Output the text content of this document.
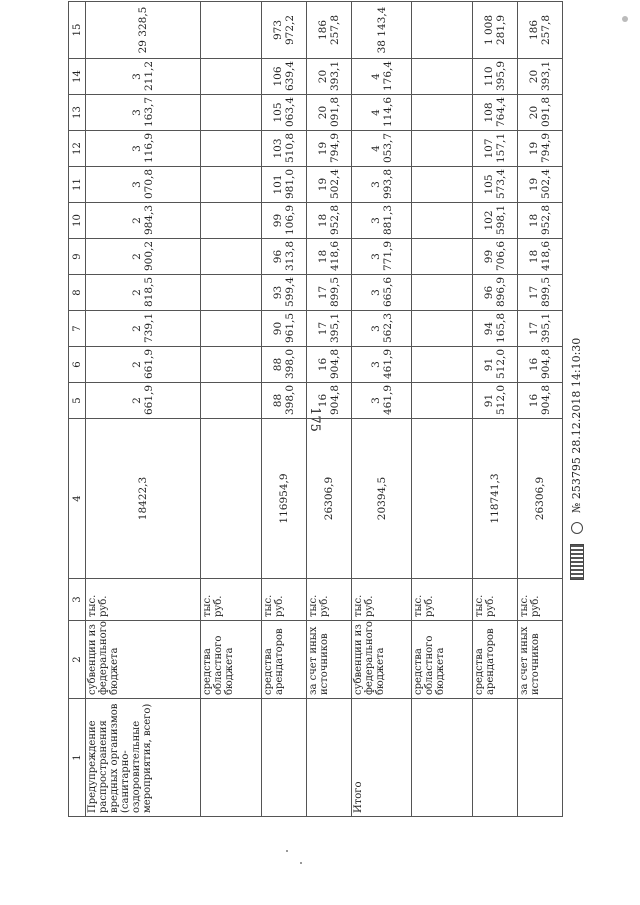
175
1	2	3	4	5	6	7	8	9	10	11	12	13	14	15
Предупреждение распространения вредных организмов (санитарно-оздоровительные мероприятия, всего)	субвенции из федерального бюджета	тыс. руб.	18422,3	2 661,9	2 661,9	2 739,1	2 818,5	2 900,2	2 984,3	3 070,8	3 116,9	3 163,7	3 211,2	29 328,5
	средства областного бюджета	тыс. руб.												
	средства арендаторов	тыс. руб.	116954,9	88 398,0	88 398,0	90 961,5	93 599,4	96 313,8	99 106,9	101 981,0	103 510,8	105 063,4	106 639,4	973 972,2
	за счет иных источников	тыс. руб.	26306,9	16 904,8	16 904,8	17 395,1	17 899,5	18 418,6	18 952,8	19 502,4	19 794,9	20 091,8	20 393,1	186 257,8
Итого	субвенции из федерального бюджета	тыс. руб.	20394,5	3 461,9	3 461,9	3 562,3	3 665,6	3 771,9	3 881,3	3 993,8	4 053,7	4 114,6	4 176,4	38 143,4
	средства областного бюджета	тыс. руб.												
	средства арендаторов	тыс. руб.	118741,3	91 512,0	91 512,0	94 165,8	96 896,9	99 706,6	102 598,1	105 573,4	107 157,1	108 764,4	110 395,9	1 008 281,9
	за счет иных источников	тыс. руб.	26306,9	16 904,8	16 904,8	17 395,1	17 899,5	18 418,6	18 952,8	19 502,4	19 794,9	20 091,8	20 393,1	186 257,8
№ 253795 28.12.2018 14:10:30
